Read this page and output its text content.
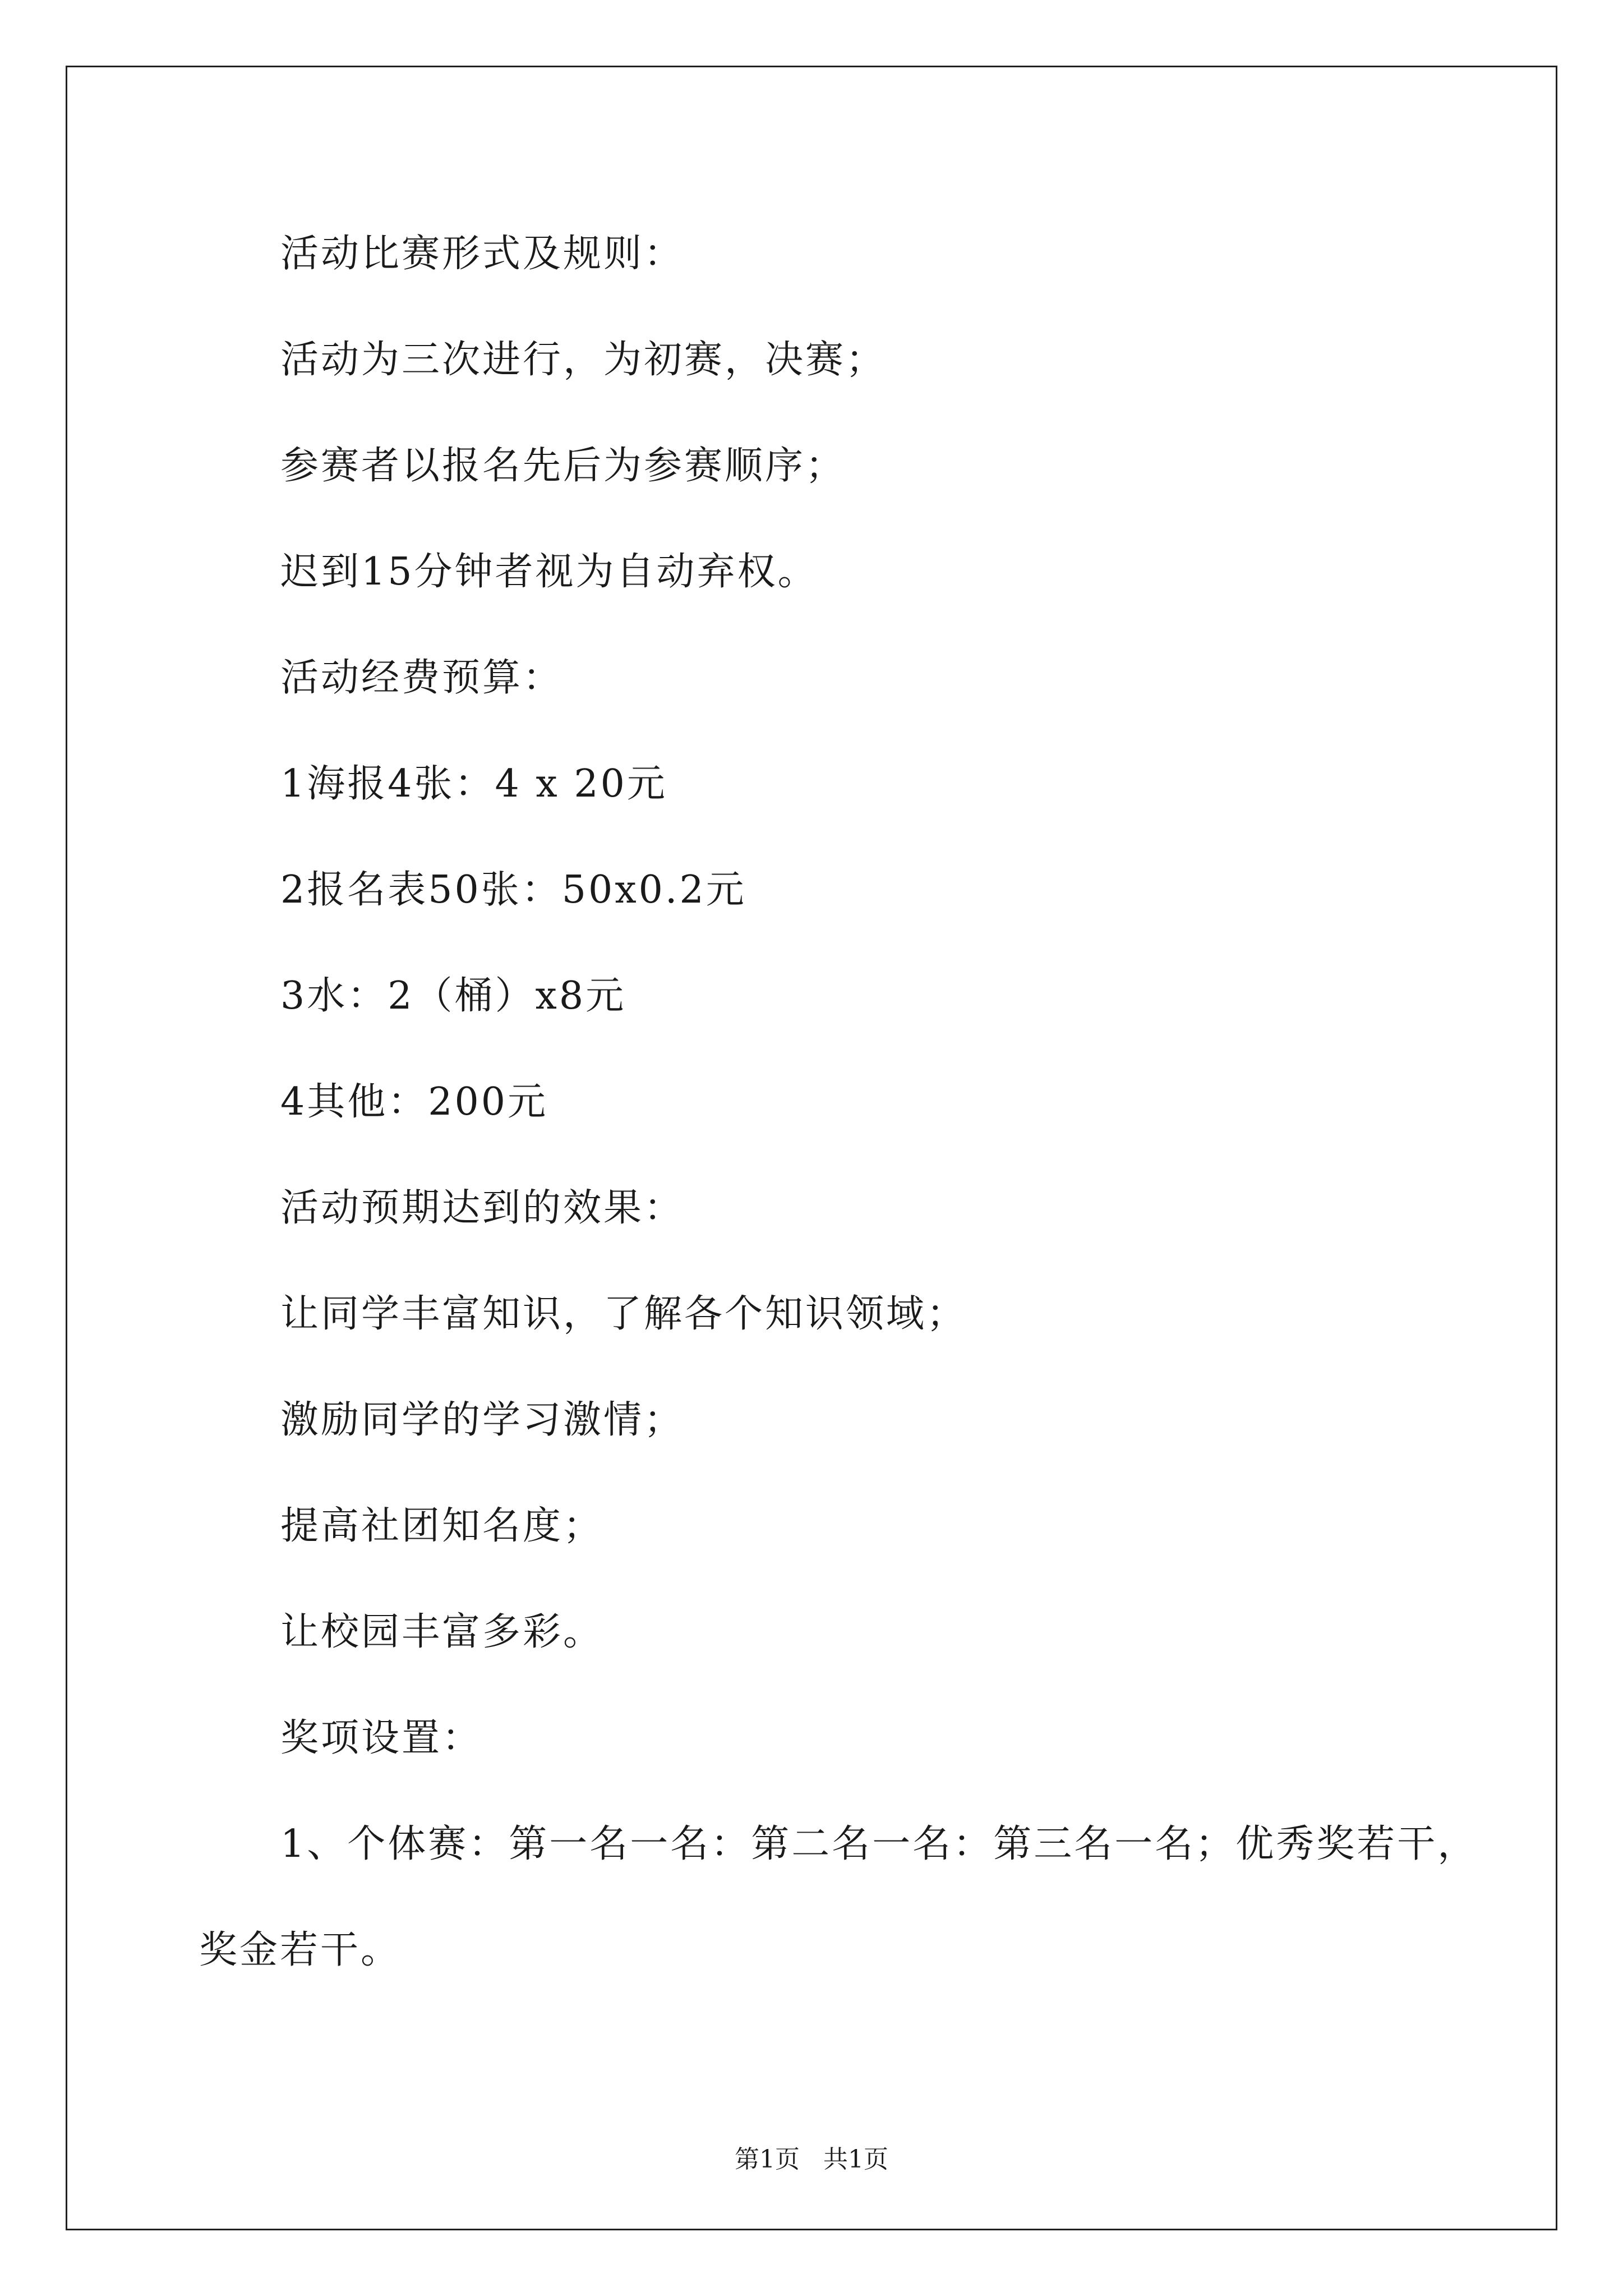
活动比赛形式及规则：
活动为三次进行，为初赛，决赛；
参赛者以报名先后为参赛顺序；
迟到15分钟者视为自动弃权。
活动经费预算：
1海报4张：4 x 20元
2报名表50张：50x0.2元
3水：2（桶）x8元
4其他：200元
活动预期达到的效果：
让同学丰富知识，了解各个知识领域；
激励同学的学习激情；
提高社团知名度；
让校园丰富多彩。
奖项设置：
1、个体赛：第一名一名：第二名一名：第三名一名；优秀奖若干，
奖金若干。
第1页 共1页
